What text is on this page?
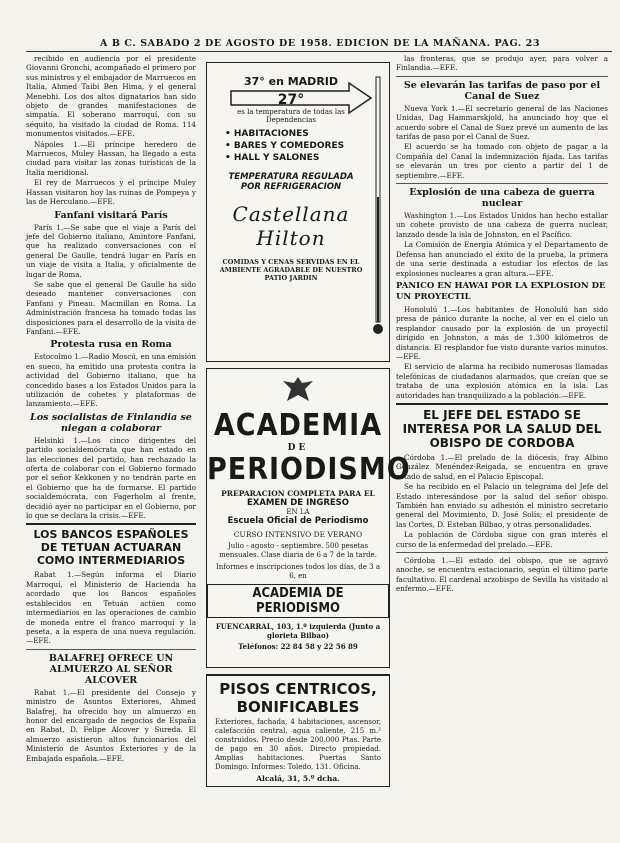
A B C. SABADO 2 DE AGOSTO DE 1958. EDICION DE LA MAÑANA. PAG. 23

recibido en audiencia por el presidente Giovanni Gronchi, acompañado el primero por sus ministros y el embajador de Marruecos en Italia, Ahmed Taibi Ben Hima, y el general Menebhi. Los dos altos dignatarios han sido objeto de grandes manifestaciones de simpatía. El soberano marroquí, con su séquito, ha visitado la ciudad de Roma. 114 monumentos visitados.—EFE.

Nápoles 1.—El príncipe heredero de Marruecos, Muley Hassan, ha llegado a esta ciudad para visitar las zonas turísticas de la Italia meridional.

El rey de Marruecos y el príncipe Muley Hassan visitaron hoy las ruinas de Pompeya y las de Herculano.—EFE.

Fanfani visitará París

París 1.—Se sabe que el viaje a París del jefe del Gobierno italiano, Amintore Fanfani, que ha realizado conversaciones con el general De Gaulle, tendrá lugar en París en un viaje de visita a Italia, y oficialmente de lugar de Roma.

Se sabe que el general De Gaulle ha sido deseado mantener conversaciones con Fanfani y Pineau. Macmillan en Roma. La Administración francesa ha tomado todas las disposiciones para el desarrollo de la visita de Fanfani.—EFE.

Protesta rusa en Roma

Estocolmo 1.—Radio Moscú, en una emisión en sueco, ha emitido una protesta contra la actividad del Gobierno italiano, que ha concedido bases a los Estados Unidos para la utilización de cohetes y plataformas de lanzamiento.—EFE.

Los socialistas de Finlandia se niegan a colaborar

Helsinki 1.—Los cinco dirigentes del partido socialdemócrata que han estado en las elecciones del partido, han rechazado la oferta de colaborar con el Gobierno formado por el señor Kekkonen y no tendrán parte en el Gobierno que ha de formarse. El partido socialdemócrata, con Fagerholm al frente, decidió ayer no participar en el Gobierno, por lo que se declara la crisis.—EFE.

LOS BANCOS ESPAÑOLES DE TETUAN ACTUARAN COMO INTERMEDIARIOS

Rabat 1.—Según informa el Diario Marroquí, el Ministerio de Hacienda ha acordado que los Bancos españoles establecidos en Tetuán actúen como intermediarios en las operaciones de cambio de moneda entre el franco marroquí y la peseta, a la espera de una nueva regulación.—EFE.

BALAFREJ OFRECE UN ALMUERZO AL SEÑOR ALCOVER

Rabat 1.—El presidente del Consejo y ministro de Asuntos Exteriores, Ahmed Balafrej, ha ofrecido hoy un almuerzo en honor del encargado de negocios de España en Rabat, D. Felipe Alcover y Sureda. El almuerzo asistieron altos funcionarios del Ministerio de Asuntos Exteriores y de la Embajada española.—EFE.

37° en MADRID
27°
es la temperatura de todas las
Dependencias
• HABITACIONES
• BARES Y COMEDORES
• HALL Y SALONES
TEMPERATURA REGULADA POR REFRIGERACION
Castellana
Hilton
COMIDAS Y CENAS SERVIDAS EN EL AMBIENTE AGRADABLE DE NUESTRO PATIO JARDIN
ACADEMIA
DE
PERIODISMO
PREPARACION COMPLETA PARA EL
EXAMEN DE INGRESO
EN LA
Escuela Oficial de Periodismo
CURSO INTENSIVO DE VERANO
Julio - agosto - septiembre. 500 pesetas mensuales. Clase diaria de 6 a 7 de la tarde.
Informes e inscripciones todos los días, de 3 a 6, en
ACADEMIA DE PERIODISMO
FUENCARRAL, 103, 1.º izquierda (Junto a glorieta Bilbao)
Teléfonos: 22 84 58 y 22 56 89
PISOS CENTRICOS, BONIFICABLES
Exteriores, fachada, 4 habitaciones, ascensor, calefacción central, agua caliente, 215 m.² construidos. Precio desde 200.000 Ptas. Parte de pago en 30 años. Directo propiedad. Amplias habitaciones. Puertas Santo Domingo. Informes: Toledo, 131. Oficina.
Alcalá, 31, 5.º dcha.

las fronteras, que se produjo ayer, para volver a Finlandia.—EFE.

Se elevarán las tarifas de paso por el Canal de Suez

Nueva York 1.—El secretario general de las Naciones Unidas, Dag Hammarskjold, ha anunciado hoy que el acuerdo sobre el Canal de Suez prevé un aumento de las tarifas de paso por el Canal de Suez.

El acuerdo se ha tomado con objeto de pagar a la Compañía del Canal la indemnización fijada. Las tarifas se elevarán un tres por ciento a partir del 1 de septiembre.—EFE.

Explosión de una cabeza de guerra nuclear

Washington 1.—Los Estados Unidos han hecho estallar un cohete provisto de una cabeza de guerra nuclear, lanzado desde la isla de Johnston, en el Pacífico.

La Comisión de Energía Atómica y el Departamento de Defensa han anunciado el éxito de la prueba, la primera de una serie destinada a estudiar los efectos de las explosiones nucleares a gran altura.—EFE.

PANICO EN HAWAI POR LA EXPLOSION DE UN PROYECTIL

Honolulú 1.—Los habitantes de Honolulú han sido presa de pánico durante la noche, al ver en el cielo un resplandor causado por la explosión de un proyectil dirigido en Johnston, a más de 1.300 kilómetros de distancia. El resplandor fue visto durante varios minutos.—EFE.

El servicio de alarma ha recibido numerosas llamadas telefónicas de ciudadanos alarmados, que creían que se trataba de una explosión atómica en la isla. Las autoridades han tranquilizado a la población.—EFE.

EL JEFE DEL ESTADO SE INTERESA POR LA SALUD DEL OBISPO DE CORDOBA

Córdoba 1.—El prelado de la diócesis, fray Albino González Menéndez-Reigada, se encuentra en grave estado de salud, en el Palacio Episcopal.

Se ha recibido en el Palacio un telegrama del Jefe del Estado interesándose por la salud del señor obispo. También han enviado su adhesión el ministro secretario general del Movimiento, D. José Solís; el presidente de las Cortes, D. Esteban Bilbao, y otras personalidades.

La población de Córdoba sigue con gran interés el curso de la enfermedad del prelado.—EFE.

Córdoba 1.—El estado del obispo, que se agravó anoche, se encuentra estacionario, según el último parte facultativo. El cardenal arzobispo de Sevilla ha visitado al enfermo.—EFE.
